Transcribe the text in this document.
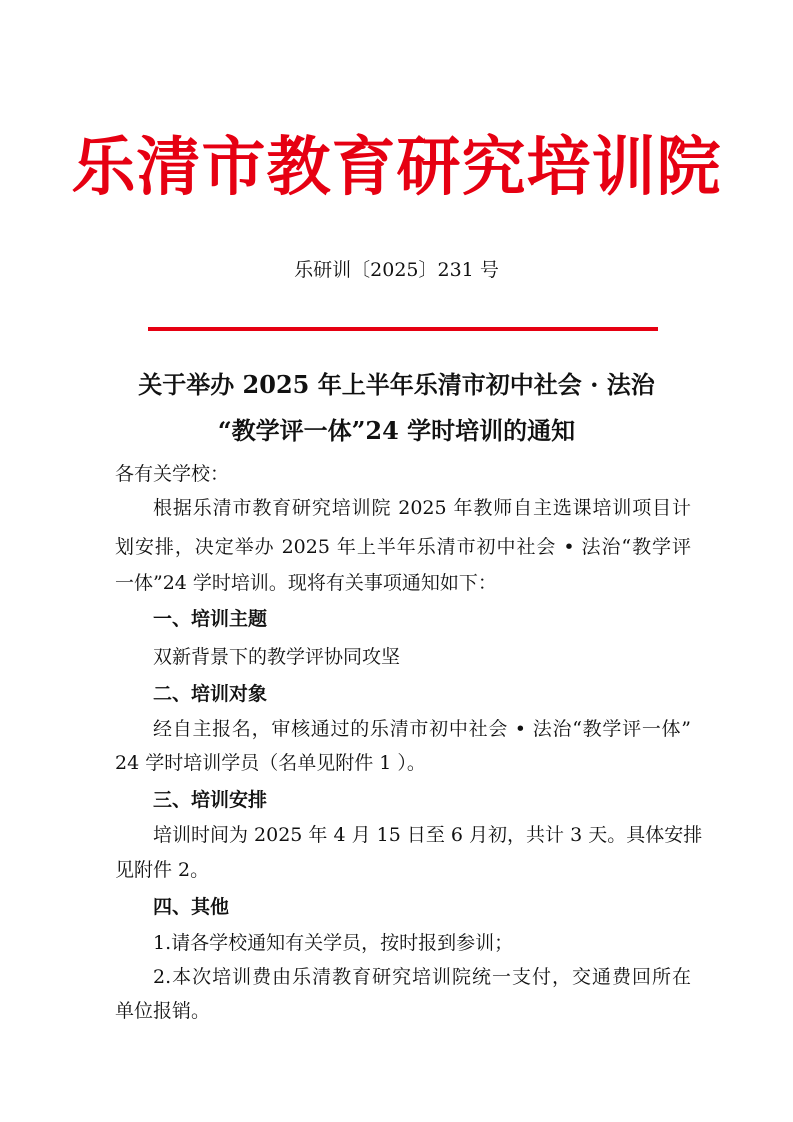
乐清市教育研究培训院
乐研训〔2025〕231 号
关于举办 2025 年上半年乐清市初中社会 · 法治
“教学评一体”24 学时培训的通知
各有关学校：
根据乐清市教育研究培训院 2025 年教师自主选课培训项目计
划安排，决定举办 2025 年上半年乐清市初中社会 • 法治“教学评
一体”24 学时培训。现将有关事项通知如下：
一、培训主题
双新背景下的教学评协同攻坚
二、培训对象
经自主报名，审核通过的乐清市初中社会 • 法治“教学评一体”
24 学时培训学员（名单见附件 1 ）。
三、培训安排
培训时间为 2025 年 4 月 15 日至 6 月初，共计 3 天。具体安排
见附件 2。
四、其他
1.请各学校通知有关学员，按时报到参训；
2.本次培训费由乐清教育研究培训院统一支付，交通费回所在
单位报销。
